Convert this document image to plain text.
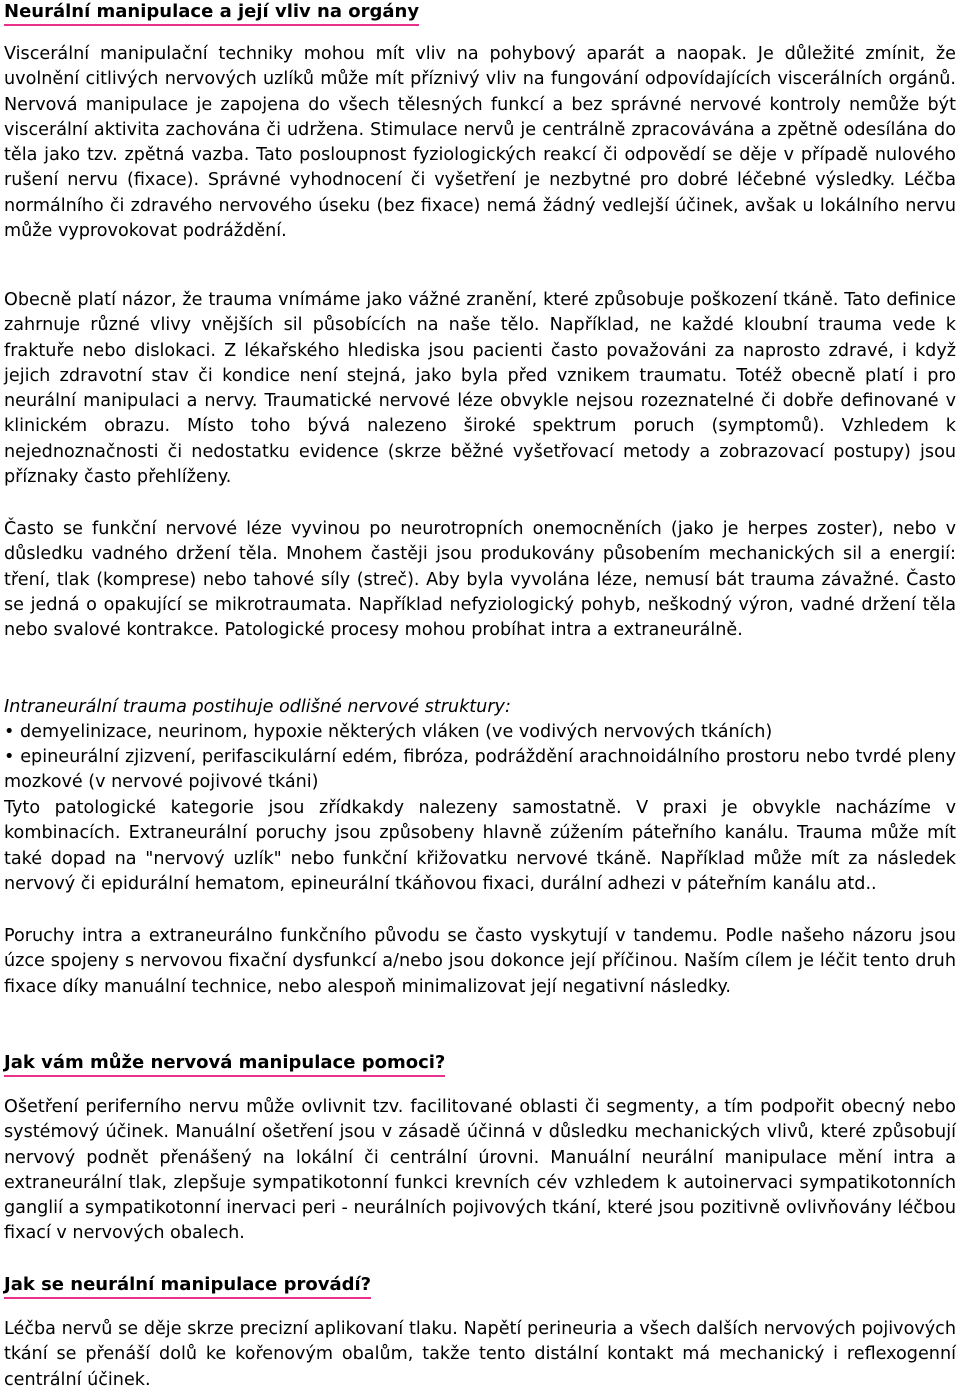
Neurální manipulace a její vliv na orgány

Viscerální manipulační techniky mohou mít vliv na pohybový aparát a naopak. Je důležité zmínit, že uvolnění citlivých nervových uzlíků může mít příznivý vliv na fungování odpovídajících viscerálních orgánů. Nervová manipulace je zapojena do všech tělesných funkcí a bez správné nervové kontroly nemůže být viscerální aktivita zachována či udržena. Stimulace nervů je centrálně zpracovávána a zpětně odesílána do těla jako tzv. zpětná vazba. Tato posloupnost fyziologických reakcí či odpovědí se děje v případě nulového rušení nervu (fixace). Správné vyhodnocení či vyšetření je nezbytné pro dobré léčebné výsledky. Léčba normálního či zdravého nervového úseku (bez fixace) nemá žádný vedlejší účinek, avšak u lokálního nervu může vyprovokovat podráždění.

Obecně platí názor, že trauma vnímáme jako vážné zranění, které způsobuje poškození tkáně. Tato definice zahrnuje různé vlivy vnějších sil působících na naše tělo. Například, ne každé kloubní trauma vede k fraktuře nebo dislokaci. Z lékařského hlediska jsou pacienti často považováni za naprosto zdravé, i když jejich zdravotní stav či kondice není stejná, jako byla před vznikem traumatu. Totéž obecně platí i pro neurální manipulaci a nervy. Traumatické nervové léze obvykle nejsou rozeznatelné či dobře definované v klinickém obrazu. Místo toho bývá nalezeno široké spektrum poruch (symptomů). Vzhledem k nejednoznačnosti či nedostatku evidence (skrze běžné vyšetřovací metody a zobrazovací postupy) jsou příznaky často přehlíženy.

Často se funkční nervové léze vyvinou po neurotropních onemocněních (jako je herpes zoster), nebo v důsledku vadného držení těla. Mnohem častěji jsou produkovány působením mechanických sil a energií: tření, tlak (komprese) nebo tahové síly (streč). Aby byla vyvolána léze, nemusí bát trauma závažné. Často se jedná o opakující se mikrotraumata. Například nefyziologický pohyb, neškodný výron, vadné držení těla nebo svalové kontrakce. Patologické procesy mohou probíhat intra a extraneurálně.

Intraneurální trauma postihuje odlišné nervové struktury:

• demyelinizace, neurinom, hypoxie některých vláken (ve vodivých nervových tkáních)

• epineurální zjizvení, perifascikulární edém, fibróza, podráždění arachnoidálního prostoru nebo tvrdé pleny mozkové (v nervové pojivové tkáni)

Tyto patologické kategorie jsou zřídkakdy nalezeny samostatně. V praxi je obvykle nacházíme v kombinacích. Extraneurální poruchy jsou způsobeny hlavně zúžením páteřního kanálu. Trauma může mít také dopad na "nervový uzlík" nebo funkční křižovatku nervové tkáně. Například může mít za následek nervový či epidurální hematom, epineurální tkáňovou fixaci, durální adhezi v páteřním kanálu atd..

Poruchy intra a extraneurálno funkčního původu se často vyskytují v tandemu. Podle našeho názoru jsou úzce spojeny s nervovou fixační dysfunkcí a/nebo jsou dokonce její příčinou. Naším cílem je léčit tento druh fixace díky manuální technice, nebo alespoň minimalizovat její negativní následky.

Jak vám může nervová manipulace pomoci?

Ošetření periferního nervu může ovlivnit tzv. facilitované oblasti či segmenty, a tím podpořit obecný nebo systémový účinek. Manuální ošetření jsou v zásadě účinná v důsledku mechanických vlivů, které způsobují nervový podnět přenášený na lokální či centrální úrovni. Manuální neurální manipulace mění intra a extraneurální tlak, zlepšuje sympatikotonní funkci krevních cév vzhledem k autoinervaci sympatikotonních ganglií a sympatikotonní inervaci peri - neurálních pojivových tkání, které jsou pozitivně ovlivňovány léčbou fixací v nervových obalech.

Jak se neurální manipulace provádí?

Léčba nervů se děje skrze precizní aplikovaní tlaku. Napětí perineuria a všech dalších nervových pojivových tkání se přenáší dolů ke kořenovým obalům, takže tento distální kontakt má mechanický i reflexogenní centrální účinek.
